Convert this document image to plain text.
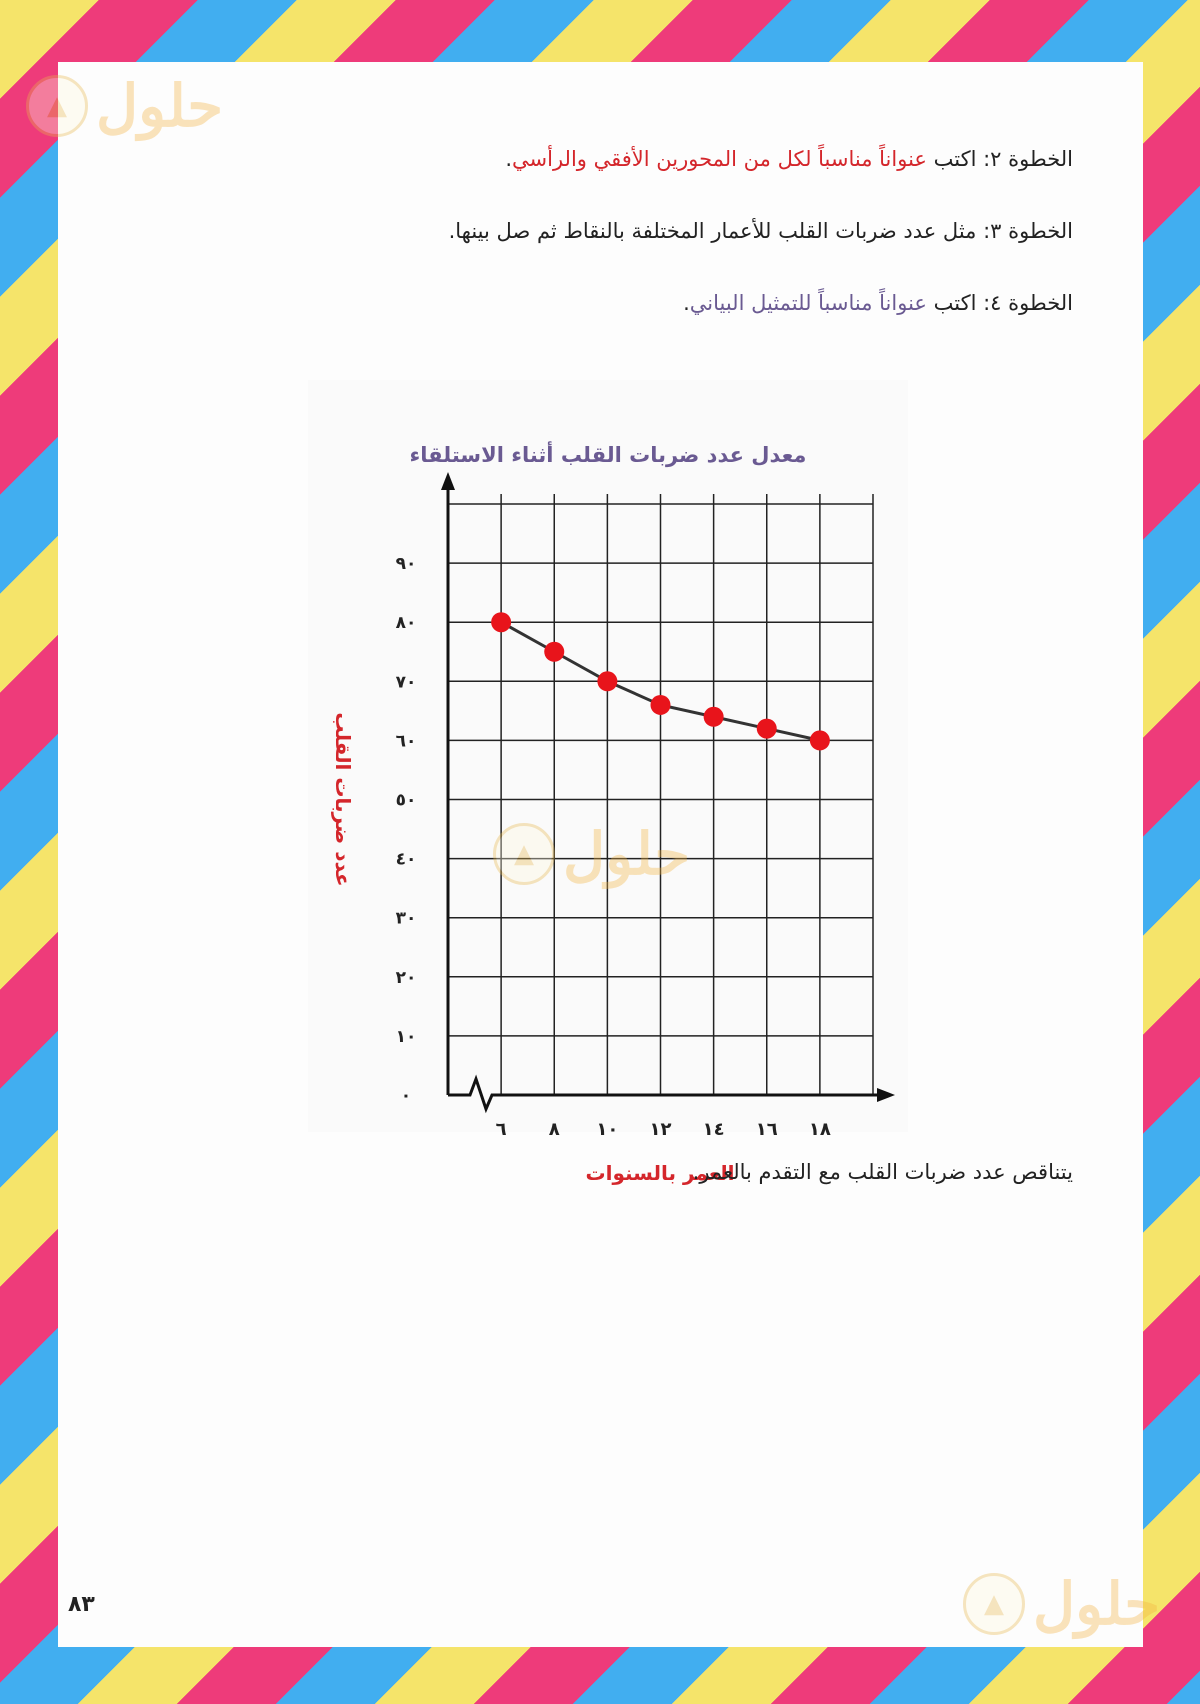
▲ حلول

الخطوة ٢: اكتب عنواناً مناسباً لكل من المحورين الأفقي والرأسي.

الخطوة ٣: مثل عدد ضربات القلب للأعمار المختلفة بالنقاط ثم صل بينها.

الخطوة ٤: اكتب عنواناً مناسباً للتمثيل البياني.

معدل عدد ضربات القلب أثناء الاستلقاء
٠
١٠
٢٠
٣٠
٤٠
٥٠
٦٠
٧٠
٨٠
٩٠
٦ ٨ ١٠ ١٢ ١٤ ١٦ ١٨
العمر بالسنوات
عدد ضربات القلب	▲ حلول
يتناقص عدد ضربات القلب مع التقدم بالعمر.
▲ حلول
٨٣
